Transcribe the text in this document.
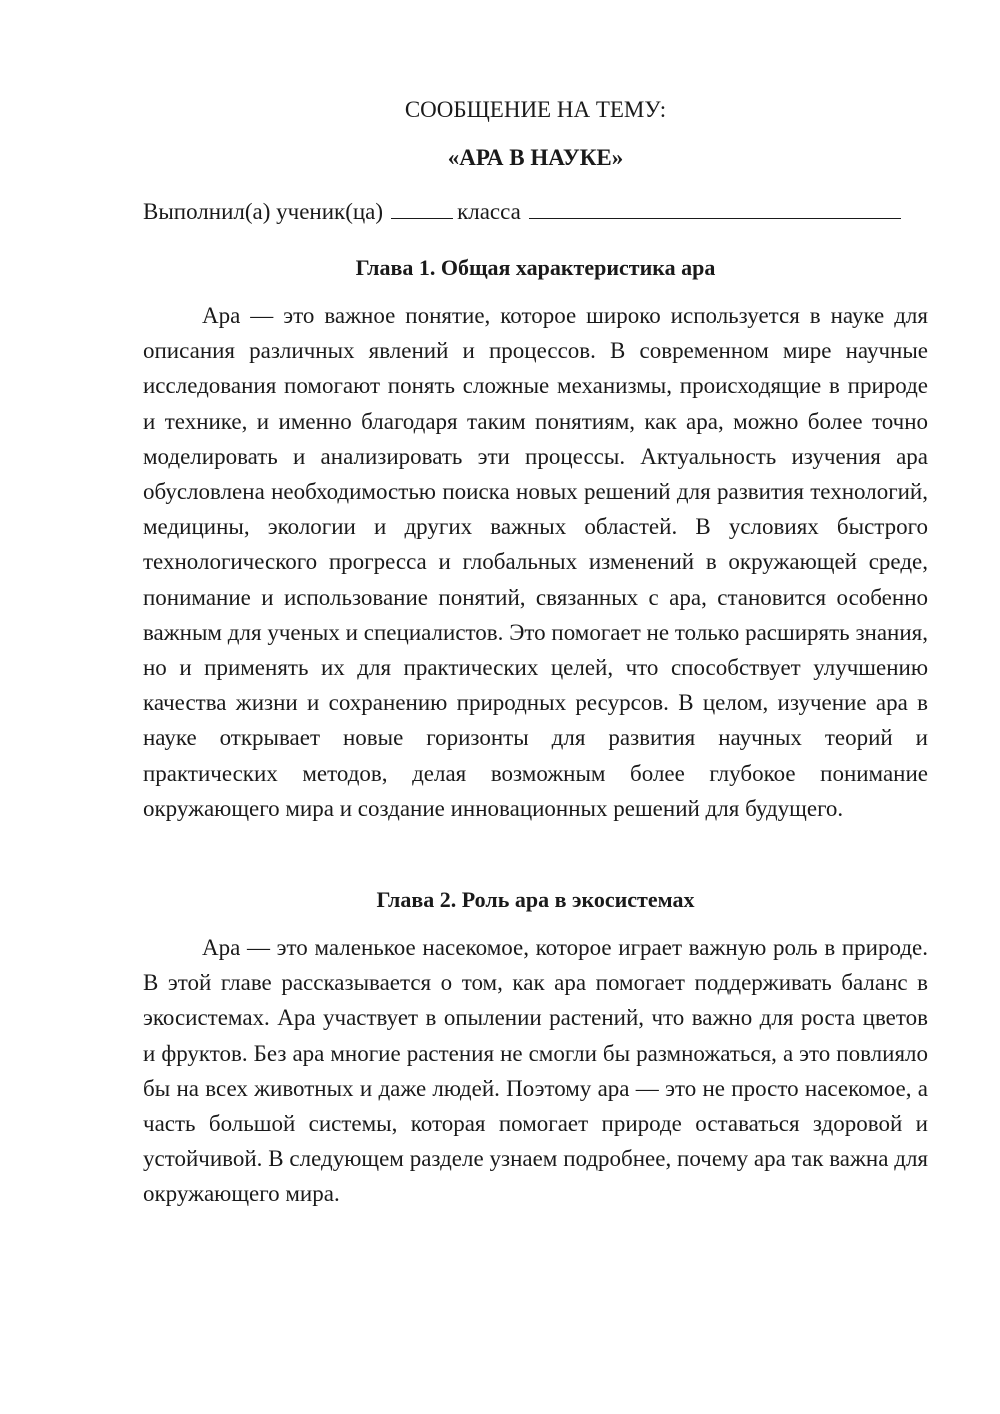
СООБЩЕНИЕ НА ТЕМУ:
«АРА В НАУКЕ»
Выполнил(а) ученик(ца)	класса
Глава 1. Общая характеристика ара

Ара — это важное понятие, которое широко используется в науке для описания различных явлений и процессов. В современном мире научные исследования помогают понять сложные механизмы, происходящие в природе и технике, и именно благодаря таким понятиям, как ара, можно более точно моделировать и анализировать эти процессы. Актуальность изучения ара обусловлена необходимостью поиска новых решений для развития технологий, медицины, экологии и других важных областей. В условиях быстрого технологического прогресса и глобальных изменений в окружающей среде, понимание и использование понятий, связанных с ара, становится особенно важным для ученых и специалистов. Это помогает не только расширять знания, но и применять их для практических целей, что способствует улучшению качества жизни и сохранению природных ресурсов. В целом, изучение ара в науке открывает новые горизонты для развития научных теорий и практических методов, делая возможным более глубокое понимание окружающего мира и создание инновационных решений для будущего.

Глава 2. Роль ара в экосистемах

Ара — это маленькое насекомое, которое играет важную роль в природе. В этой главе рассказывается о том, как ара помогает поддерживать баланс в экосистемах. Ара участвует в опылении растений, что важно для роста цветов и фруктов. Без ара многие растения не смогли бы размножаться, а это повлияло бы на всех животных и даже людей. Поэтому ара — это не просто насекомое, а часть большой системы, которая помогает природе оставаться здоровой и устойчивой. В следующем разделе узнаем подробнее, почему ара так важна для окружающего мира.
